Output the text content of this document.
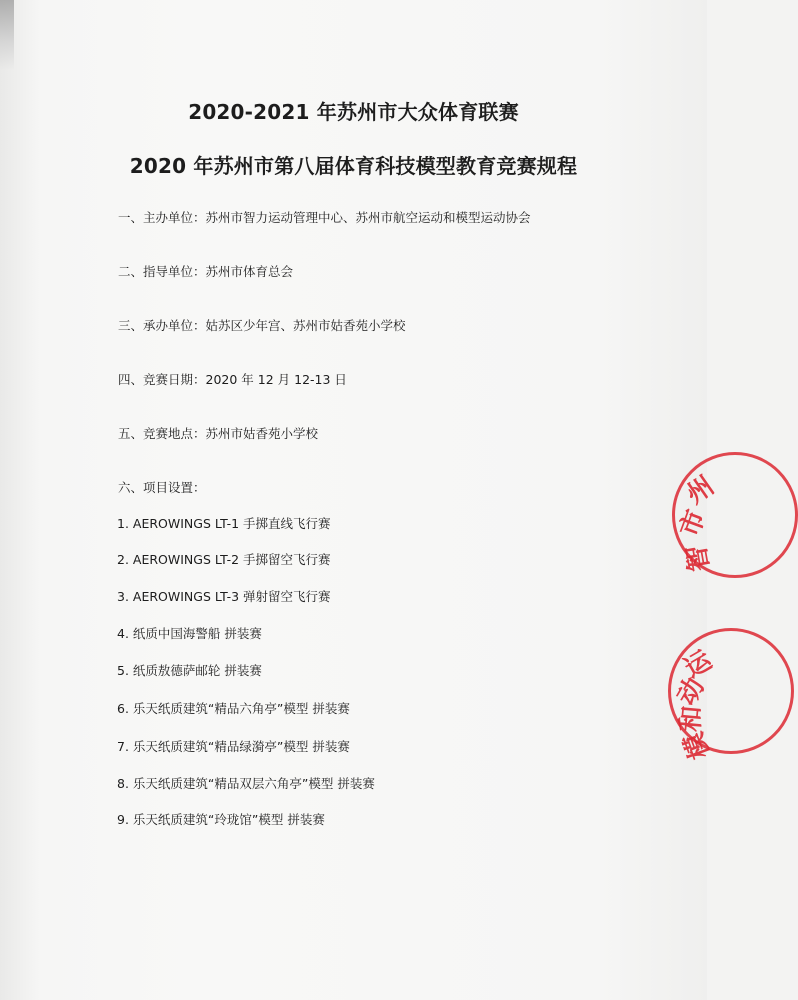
2020-2021 年苏州市大众体育联赛
2020 年苏州市第八届体育科技模型教育竞赛规程

一、主办单位：苏州市智力运动管理中心、苏州市航空运动和模型运动协会

二、指导单位：苏州市体育总会

三、承办单位：姑苏区少年宫、苏州市姑香苑小学校

四、竞赛日期：2020 年 12 月 12-13 日

五、竞赛地点：苏州市姑香苑小学校

六、项目设置：

1. AEROWINGS LT-1 手掷直线飞行赛

2. AEROWINGS LT-2 手掷留空飞行赛

3. AEROWINGS LT-3 弹射留空飞行赛

4. 纸质中国海警船 拼装赛

5. 纸质敖德萨邮轮 拼装赛

6. 乐天纸质建筑“精品六角亭”模型 拼装赛

7. 乐天纸质建筑“精品绿漪亭”模型 拼装赛

8. 乐天纸质建筑“精品双层六角亭”模型 拼装赛

9. 乐天纸质建筑“玲珑馆”模型 拼装赛

州
市
智
运
动
和
模
